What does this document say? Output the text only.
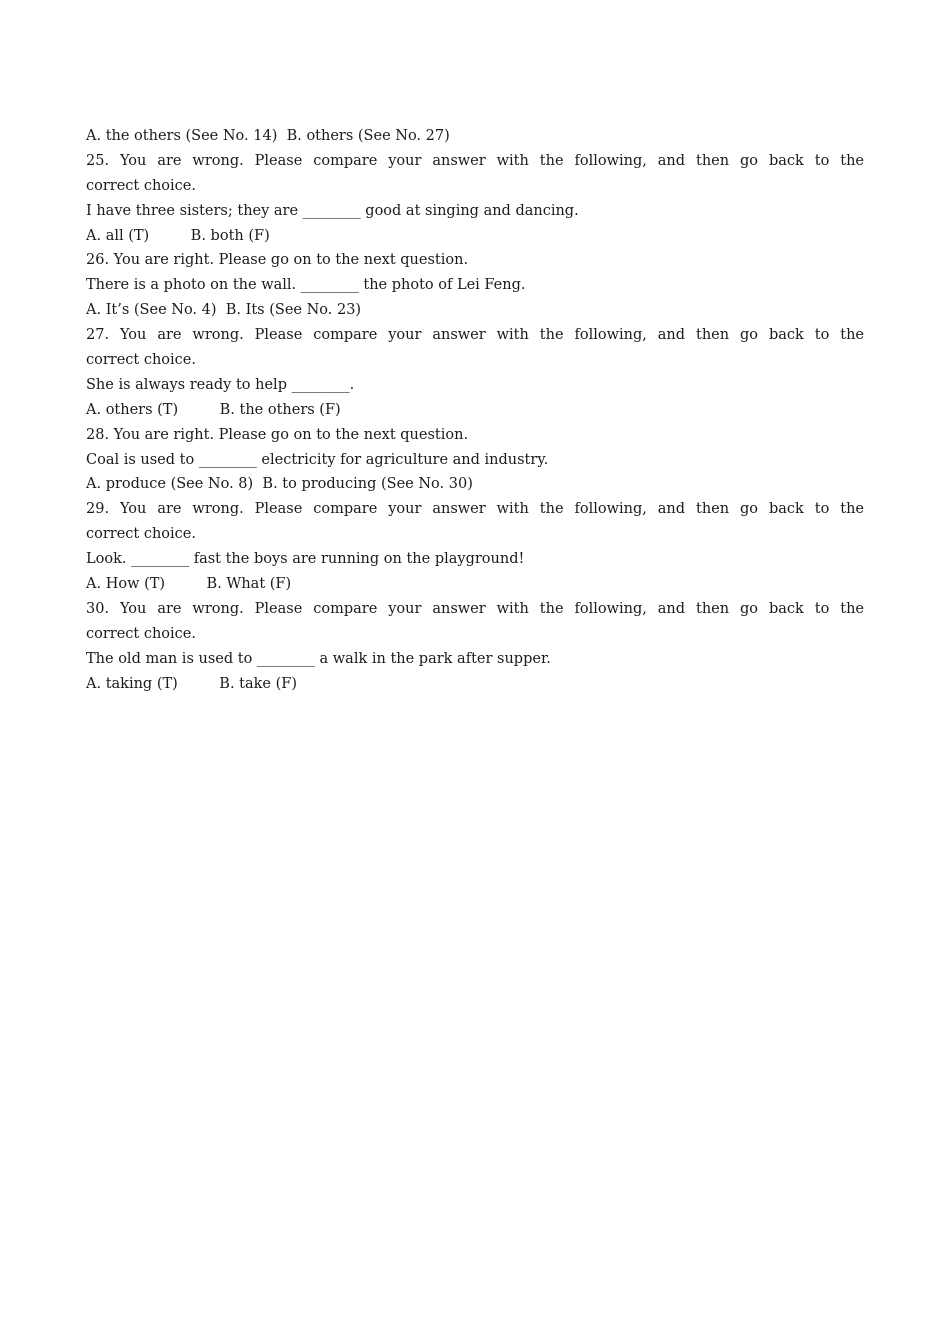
A. the others (See No. 14)  B. others (See No. 27)
25. You are wrong. Please compare your answer with the following, and then go back to the
correct choice.
I have three sisters; they are ________ good at singing and dancing.
A. all (T)         B. both (F)
26. You are right. Please go on to the next question.
There is a photo on the wall. ________ the photo of Lei Feng.
A. It’s (See No. 4)  B. Its (See No. 23)
27. You are wrong. Please compare your answer with the following, and then go back to the
correct choice.
She is always ready to help ________.
A. others (T)         B. the others (F)
28. You are right. Please go on to the next question.
Coal is used to ________ electricity for agriculture and industry.
A. produce (See No. 8)  B. to producing (See No. 30)
29. You are wrong. Please compare your answer with the following, and then go back to the
correct choice.
Look. ________ fast the boys are running on the playground!
A. How (T)         B. What (F)
30. You are wrong. Please compare your answer with the following, and then go back to the
correct choice.
The old man is used to ________ a walk in the park after supper.
A. taking (T)         B. take (F)
